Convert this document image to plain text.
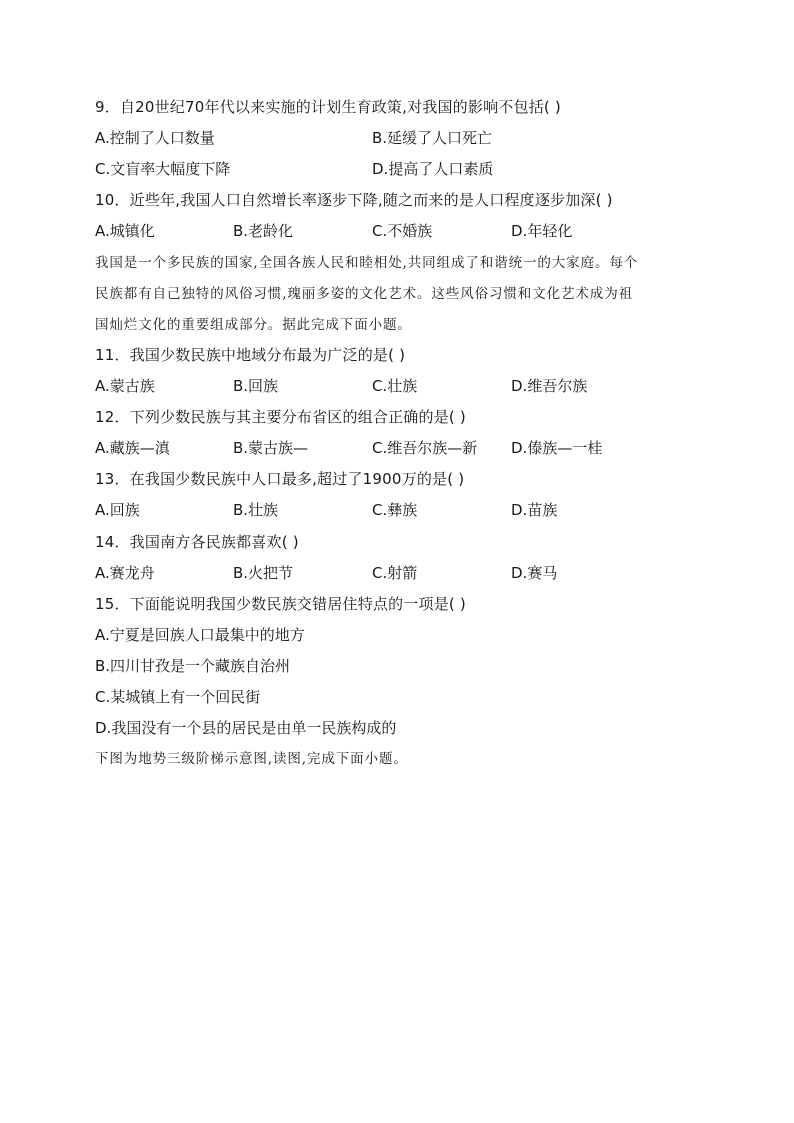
9．自20世纪70年代以来实施的计划生育政策,对我国的影响不包括( )
A.控制了人口数量	B.延缓了人口死亡
C.文盲率大幅度下降	D.提高了人口素质
10．近些年,我国人口自然增长率逐步下降,随之而来的是人口程度逐步加深( )
A.城镇化	B.老龄化	C.不婚族	D.年轻化
我国是一个多民族的国家,全国各族人民和睦相处,共同组成了和谐统一的大家庭。每个
民族都有自己独特的风俗习惯,瑰丽多姿的文化艺术。这些风俗习惯和文化艺术成为祖
国灿烂文化的重要组成部分。据此完成下面小题。
11．我国少数民族中地域分布最为广泛的是( )
A.蒙古族	B.回族	C.壮族	D.维吾尔族
12．下列少数民族与其主要分布省区的组合正确的是( )
A.藏族—滇	B.蒙古族—	C.维吾尔族—新 D.傣族—一桂
13．在我国少数民族中人口最多,超过了1900万的是( )
A.回族	B.壮族	C.彝族	D.苗族
14．我国南方各民族都喜欢( )
A.赛龙舟	B.火把节	C.射箭	D.赛马
15．下面能说明我国少数民族交错居住特点的一项是( )
A.宁夏是回族人口最集中的地方
B.四川甘孜是一个藏族自治州
C.某城镇上有一个回民街
D.我国没有一个县的居民是由单一民族构成的
下图为地势三级阶梯示意图,读图,完成下面小题。
